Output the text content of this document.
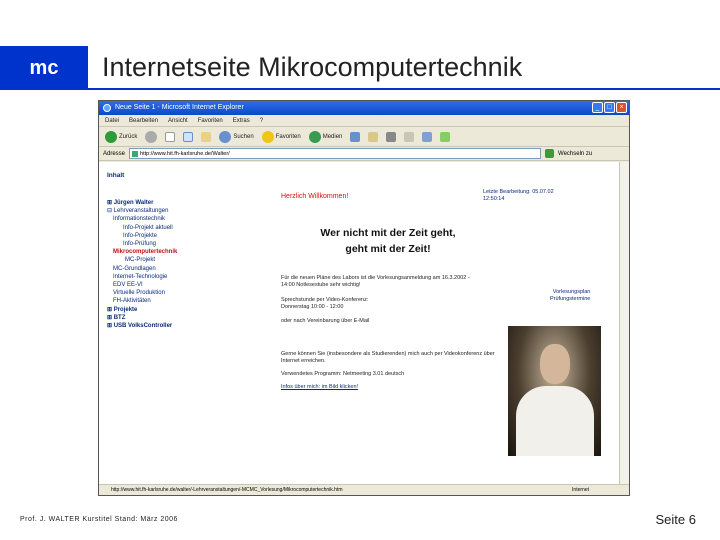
mc	Internetseite Mikrocomputertechnik
Neue Seite 1 - Microsoft Internet Explorer	_	□	×
Datei Bearbeiten Ansicht Favoriten Extras ?
Zurück	Suchen	Favoriten	Medien
Adresse	http://www.hit.fh-karlsruhe.de/Walter/	Wechseln zu
Inhalt
⊞ Jürgen Walter
⊟ Lehrveranstaltungen
Informationstechnik
Info-Projekt aktuell
Info-Projekte
Info-Prüfung
Mikrocomputertechnik
MC-Projekt
MC-Grundlagen
Internet-Technologie
EDV EE-VI
Virtuelle Produktion
FH-Aktivitäten
⊞ Projekte
⊞ BTZ
⊞ USB VolksController
Herzlich Willkommen!
Letzte Bearbeitung: 05.07.02
12:50:14
Wer nicht mit der Zeit geht,
geht mit der Zeit!
Für die neuen Pläne des Labors ist die Vorlesungsanmeldung am 16.3.2002 - 14:00 Notlesestube sehr wichtig!
Sprechstunde per Video-Konferenz:
Donnerstag 10:00 - 12:00
oder nach Vereinbarung über E-Mail
Vorlesungsplan
Prüfungstermine
Gerne können Sie (insbesondere als Studierenden) mich auch per Videokonferenz über Internet erreichen.
Verwendetes Programm: Netmeeting 3.01 deutsch
Infos über mich: im Bild klicken!
http://www.hit.fh-karlsruhe.de/walter/-Lehrveranstaltungen/-MCMC_Vorlesung/Mikrocomputertechnik.htm	Internet
Prof. J. WALTER Kurstitel Stand: März 2006	Seite 6
